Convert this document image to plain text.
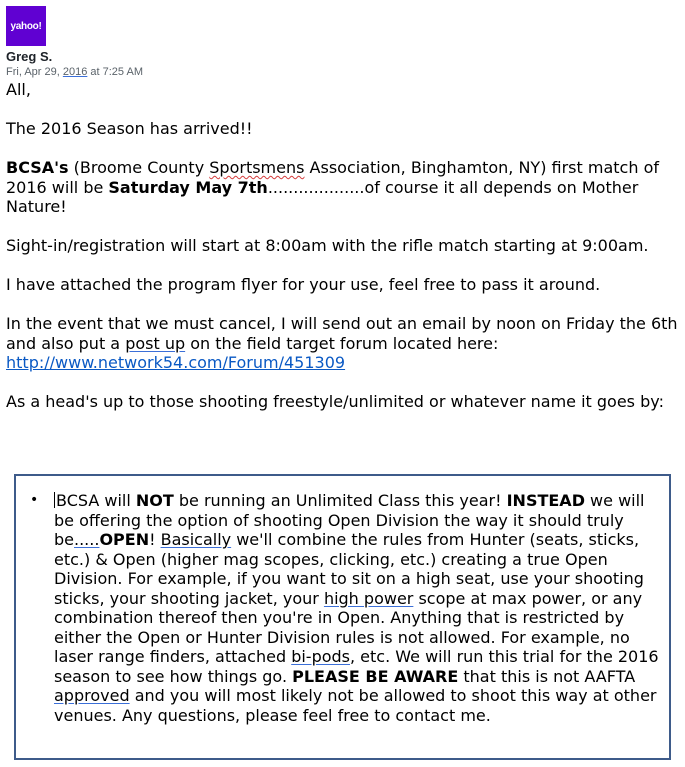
yahoo!
Greg S.
Fri, Apr 29, 2016 at 7:25 AM

All,

The 2016 Season has arrived!!

BCSA's (Broome County Sportsmens Association, Binghamton, NY) first match of 2016 will be Saturday May 7th...................of course it all depends on Mother Nature!

Sight-in/registration will start at 8:00am with the rifle match starting at 9:00am.

I have attached the program flyer for your use, feel free to pass it around.

In the event that we must cancel, I will send out an email by noon on Friday the 6th and also put a post up on the field target forum located here: http://www.network54.com/Forum/451309

As a head's up to those shooting freestyle/unlimited or whatever name it goes by:

• BCSA will NOT be running an Unlimited Class this year! INSTEAD we will be offering the option of shooting Open Division the way it should truly be.....OPEN! Basically we'll combine the rules from Hunter (seats, sticks, etc.) & Open (higher mag scopes, clicking, etc.) creating a true Open Division. For example, if you want to sit on a high seat, use your shooting sticks, your shooting jacket, your high power scope at max power, or any combination thereof then you're in Open. Anything that is restricted by either the Open or Hunter Division rules is not allowed. For example, no laser range finders, attached bi-pods, etc. We will run this trial for the 2016 season to see how things go. PLEASE BE AWARE that this is not AAFTA approved and you will most likely not be allowed to shoot this way at other venues. Any questions, please feel free to contact me.
